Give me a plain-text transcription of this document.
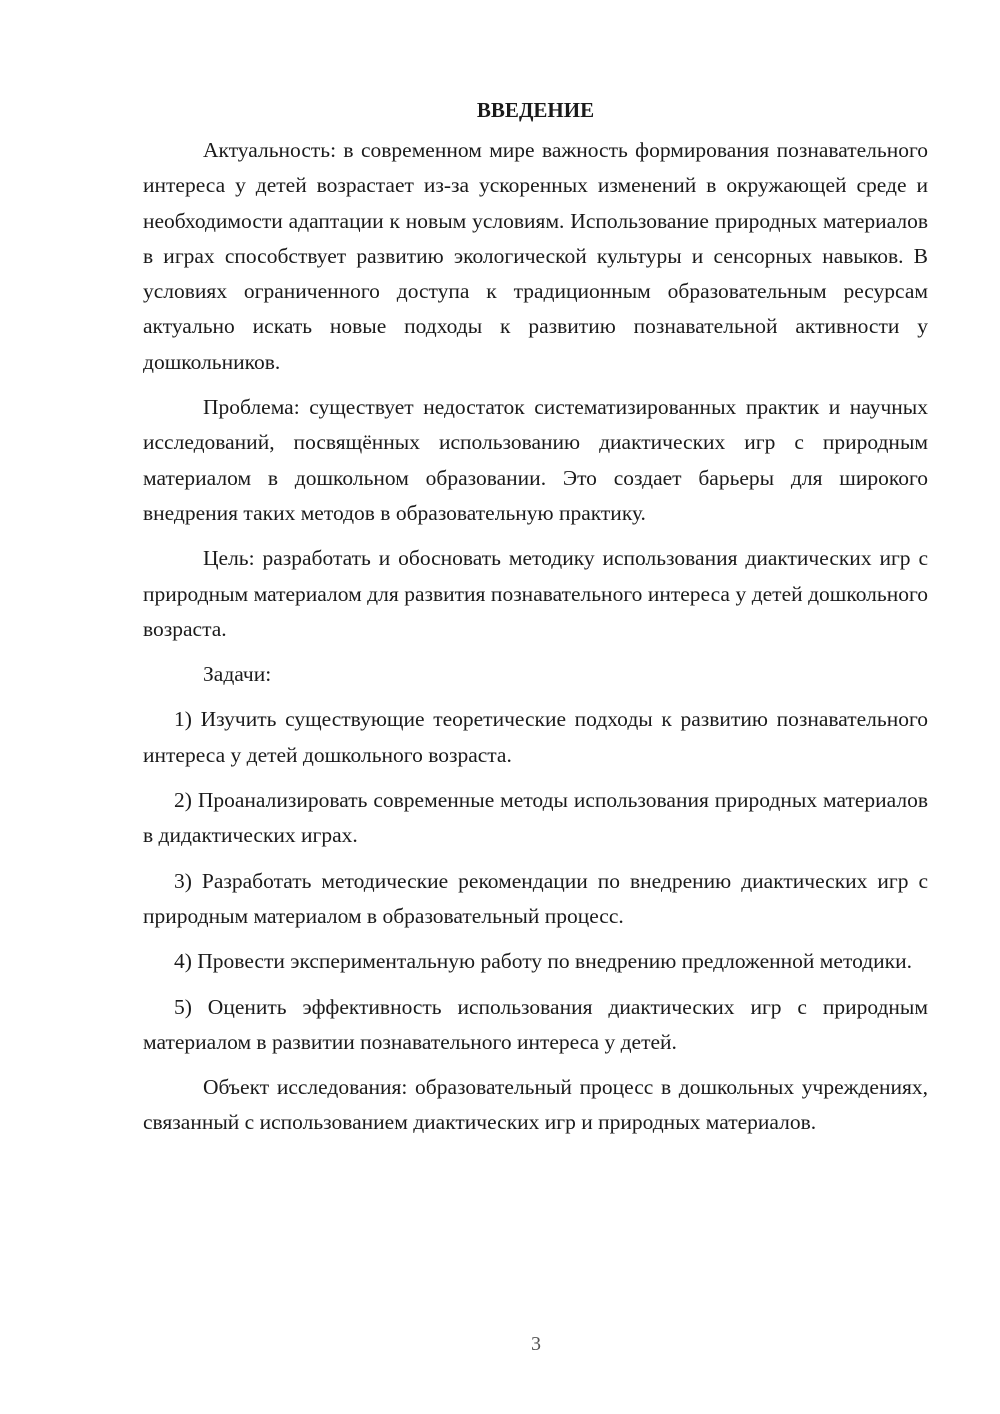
ВВЕДЕНИЕ

Актуальность: в современном мире важность формирования познавательного интереса у детей возрастает из-за ускоренных изменений в окружающей среде и необходимости адаптации к новым условиям. Использование природных материалов в играх способствует развитию экологической культуры и сенсорных навыков. В условиях ограниченного доступа к традиционным образовательным ресурсам актуально искать новые подходы к развитию познавательной активности у дошкольников.

Проблема: существует недостаток систематизированных практик и научных исследований, посвящённых использованию диактических игр с природным материалом в дошкольном образовании. Это создает барьеры для широкого внедрения таких методов в образовательную практику.

Цель: разработать и обосновать методику использования диактических игр с природным материалом для развития познавательного интереса у детей дошкольного возраста.

Задачи:

1) Изучить существующие теоретические подходы к развитию познавательного интереса у детей дошкольного возраста.

2) Проанализировать современные методы использования природных материалов в дидактических играх.

3) Разработать методические рекомендации по внедрению диактических игр с природным материалом в образовательный процесс.

4) Провести экспериментальную работу по внедрению предложенной методики.

5) Оценить эффективность использования диактических игр с природным материалом в развитии познавательного интереса у детей.

Объект исследования: образовательный процесс в дошкольных учреждениях, связанный с использованием диактических игр и природных материалов.

3
